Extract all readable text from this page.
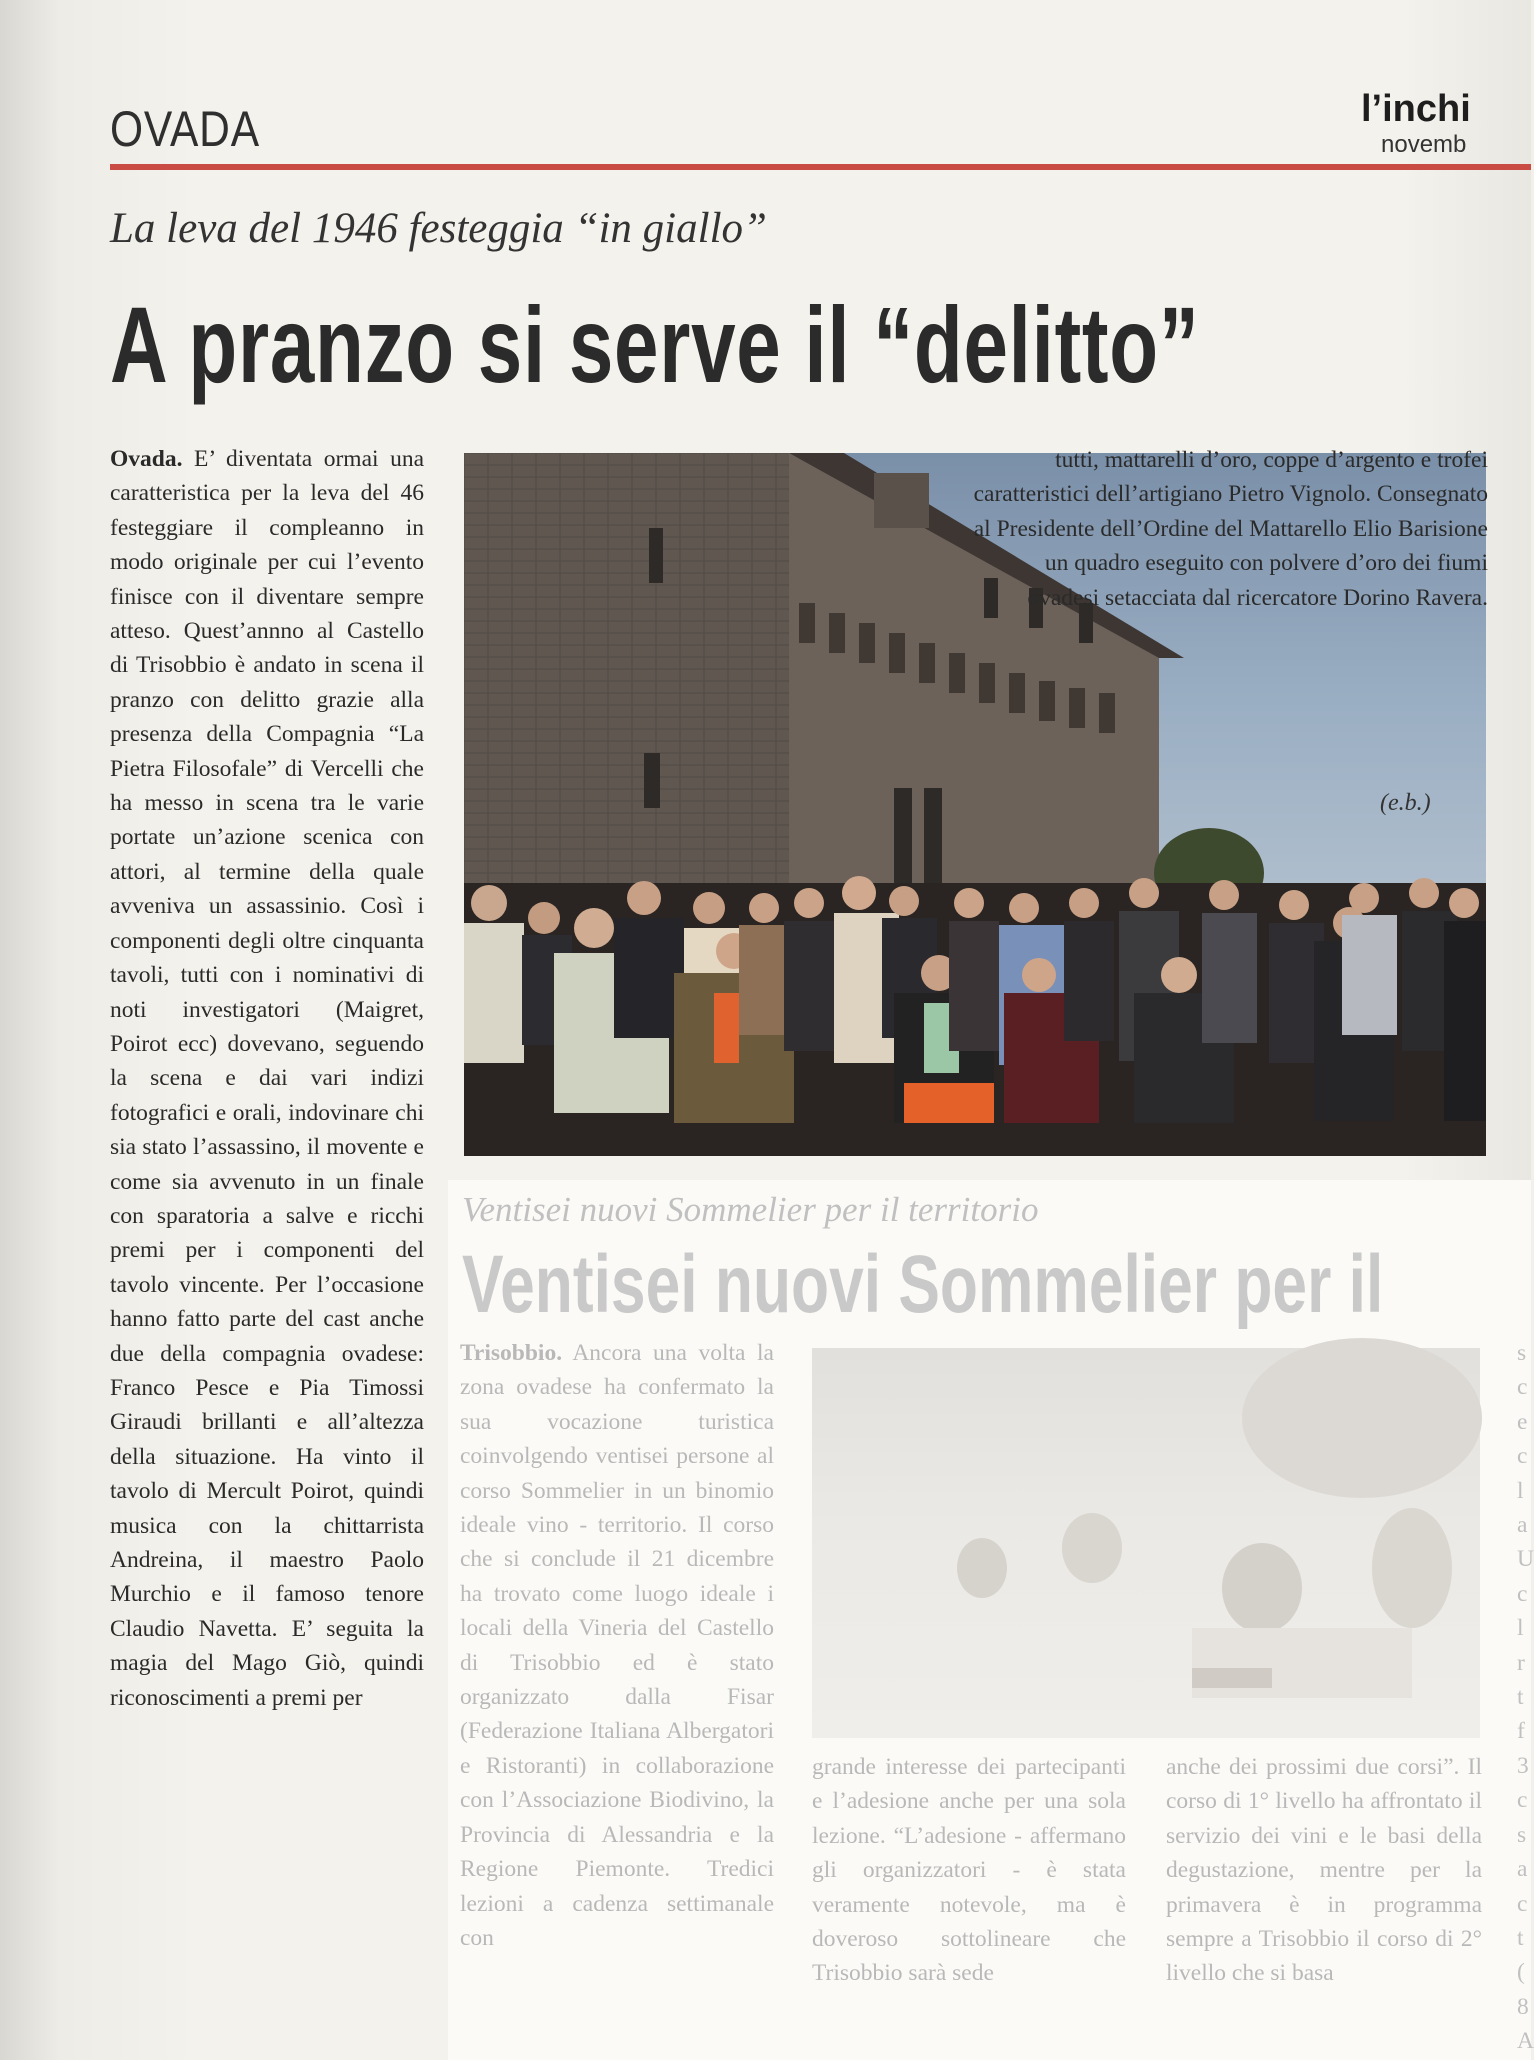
OVADA	l’inchi
novemb
La leva del 1946 festeggia “in giallo”
A pranzo si serve il “delitto”
Ovada. E’ diventata ormai una caratteristica per la leva del 46 festeggiare il compleanno in modo originale per cui l’evento finisce con il diventare sempre atteso. Quest’annno al Castello di Trisobbio è andato in scena il pranzo con delitto grazie alla presenza della Compagnia “La Pietra Filosofale” di Vercelli che ha messo in scena tra le varie portate un’azione scenica con attori, al termine della quale avveniva un assassinio. Così i componenti degli oltre cinquanta tavoli, tutti con i nominativi di noti investigatori (Maigret, Poirot ecc) dovevano, seguendo la scena e dai vari indizi fotografici e orali, indovinare chi sia stato l’assassino, il movente e come sia avvenuto in un finale con sparatoria a salve e ricchi premi per i componenti del tavolo vincente. Per l’occasione hanno fatto parte del cast anche due della compagnia ovadese: Franco Pesce e Pia Timossi Giraudi brillanti e all’altezza della situazione. Ha vinto il tavolo di Mercult Poirot, quindi musica con la chittarrista Andreina, il maestro Paolo Murchio e il famoso tenore Claudio Navetta. E’ seguita la magia del Mago Giò, quindi riconoscimenti a premi per
tutti, mattarelli d’oro, coppe d’argento e trofei caratteristici dell’artigiano Pietro Vignolo. Consegnato al Presidente dell’Ordine del Mattarello Elio Barisione un quadro eseguito con polvere d’oro dei fiumi ovadesi setacciata dal ricercatore Dorino Ravera.
(e.b.)
Ventisei nuovi Sommelier per il territorio
Ventisei nuovi Sommelier per il
Trisobbio. Ancora una volta la zona ovadese ha confermato la sua vocazione turistica coinvolgendo ventisei persone al corso Sommelier in un binomio ideale vino - territorio. Il corso che si conclude il 21 dicembre ha trovato come luogo ideale i locali della Vineria del Castello di Trisobbio ed è stato organizzato dalla Fisar (Federazione Italiana Albergatori e Ristoranti) in collaborazione con l’Associazione Biodivino, la Provincia di Alessandria e la Regione Piemonte. Tredici lezioni a cadenza settimanale con
grande interesse dei partecipanti e l’adesione anche per una sola lezione. “L’adesione - affermano gli organizzatori - è stata veramente notevole, ma è doveroso sottolineare che Trisobbio sarà sede
anche dei prossimi due corsi”. Il corso di 1° livello ha affrontato il servizio dei vini e le basi della degustazione, mentre per la primavera è in programma sempre a Trisobbio il corso di 2° livello che si basa
s c e c l a U c l r t f 3 c s a c t ( 8 A
